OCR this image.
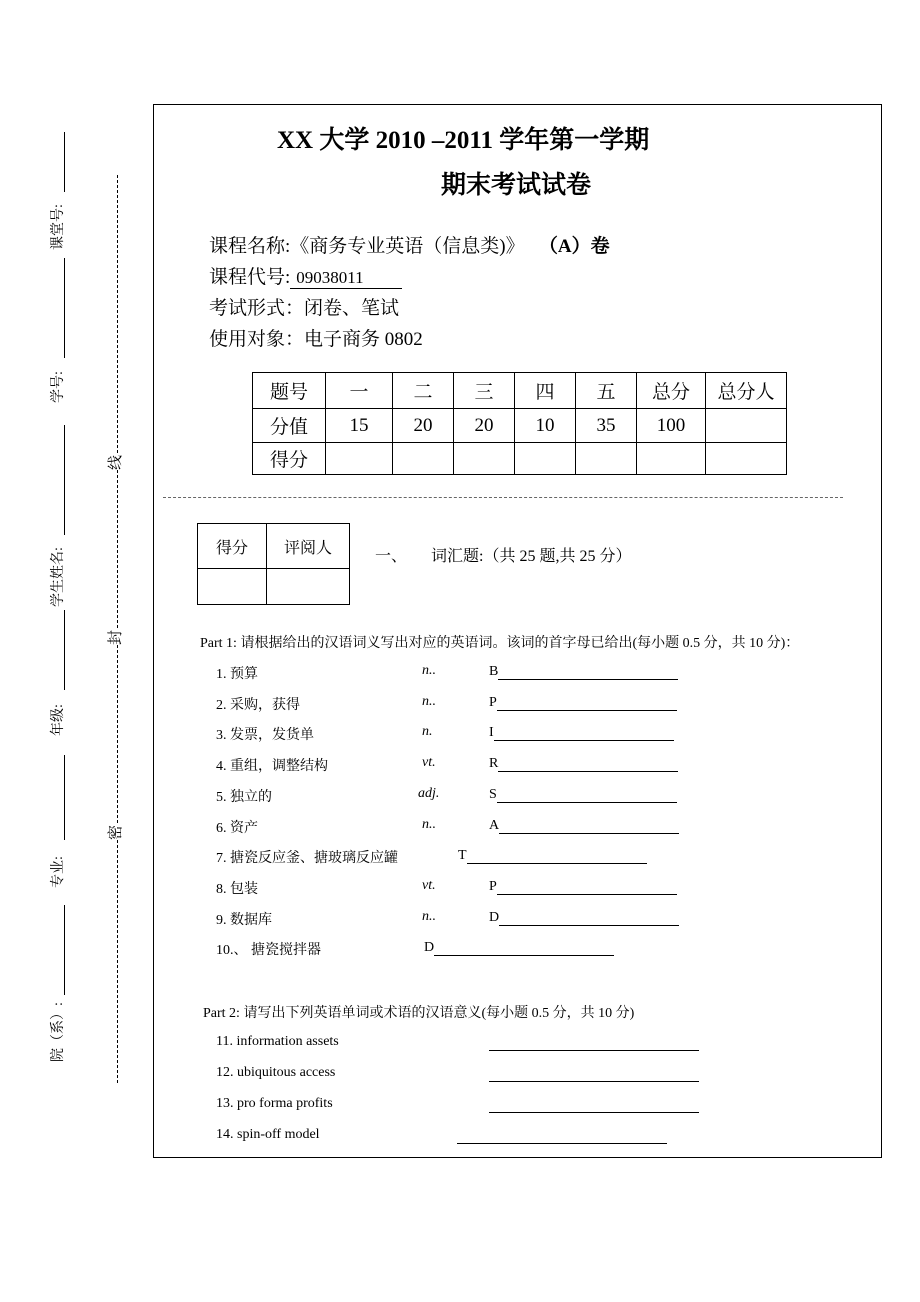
课堂号:
学号:
学生姓名:
年级:
专业:
院（系）:
线
封
密
XX 大学 2010 –2011 学年第一学期
期末考试试卷
课程名称:《商务专业英语（信息类)》 （A）卷
课程代号: 09038011
考试形式：闭卷、笔试
使用对象：电子商务 0802
题号	一	二	三	四	五	总分	总分人
分值	15	20	20	10	35	100	
得分							
得分	评阅人
		一、 词汇题:（共 25 题,共 25 分）
Part 1: 请根据给出的汉语词义写出对应的英语词。该词的首字母已给出(每小题 0.5 分，共 10 分)：
1. 预算	n..	B
2. 采购，获得	n..	P
3. 发票，发货单	n.	I
4. 重组，调整结构	vt.	R
5. 独立的	adj.	S
6. 资产	n..	A
7. 搪瓷反应釜、搪玻璃反应罐	T
8. 包装	vt.	P
9. 数据库	n..	D
10.、 搪瓷搅拌器	D
Part 2: 请写出下列英语单词或术语的汉语意义(每小题 0.5 分，共 10 分)
11. information assets
12. ubiquitous access
13. pro forma profits
14. spin-off model
